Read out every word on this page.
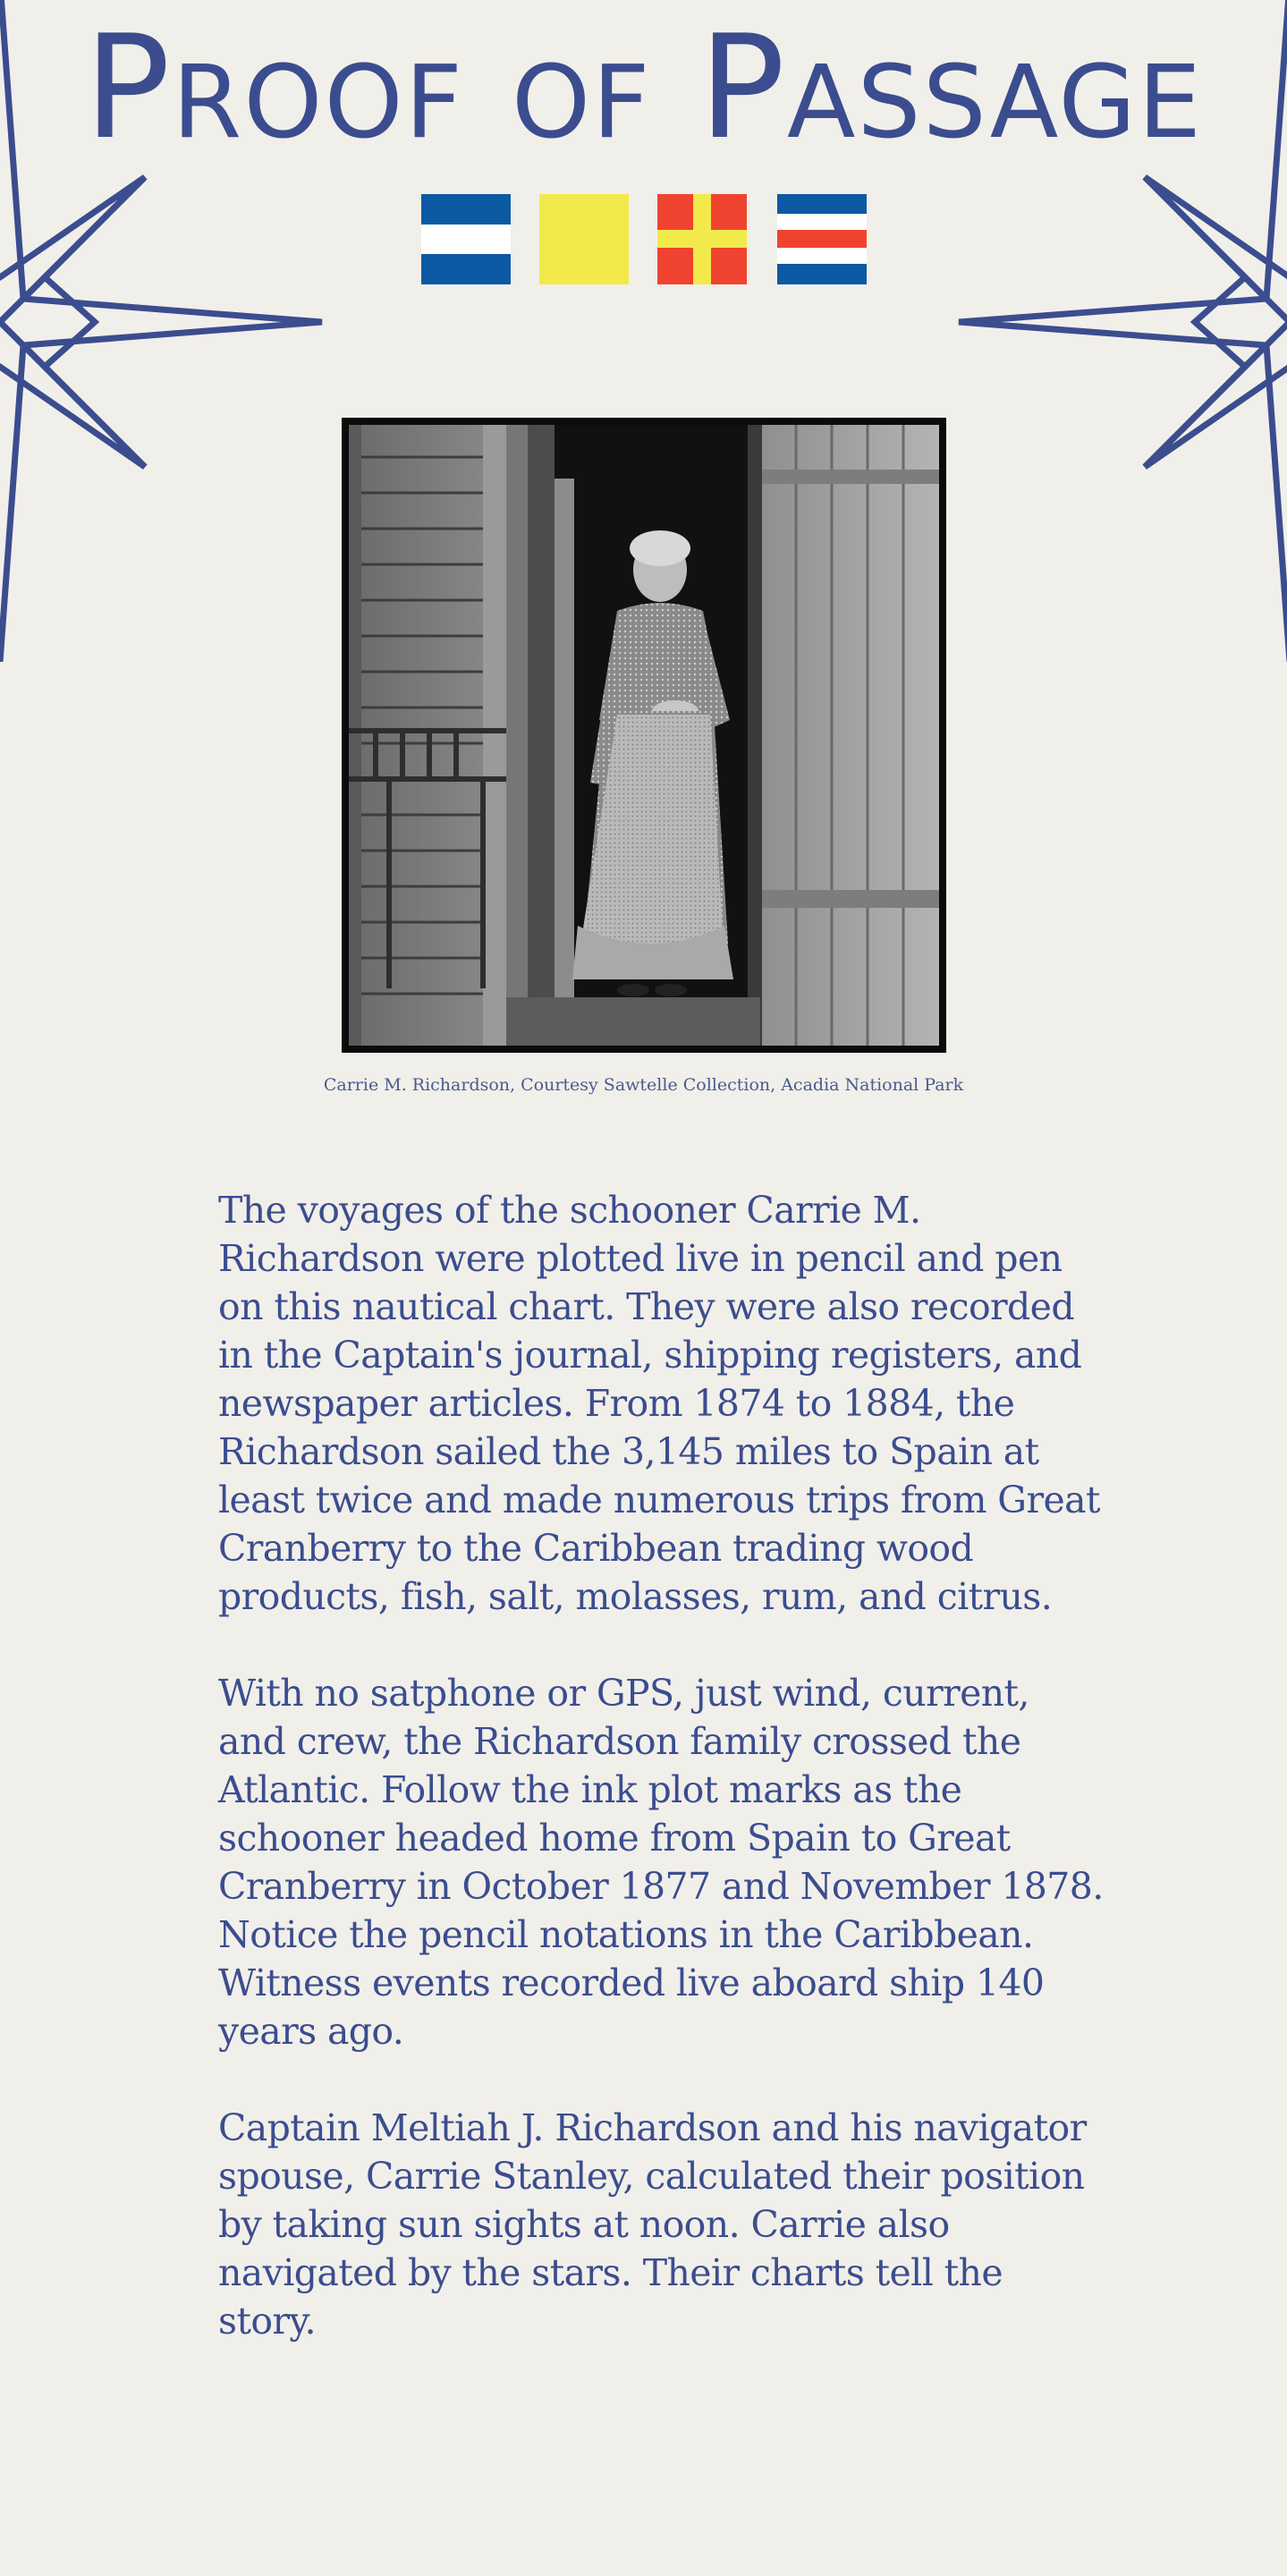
Proof of Passage

Carrie M. Richardson, Courtesy Sawtelle Collection, Acadia National Park

The voyages of the schooner Carrie M. Richardson were plotted live in pencil and pen on this nautical chart. They were also recorded in the Captain's journal, shipping registers, and newspaper articles. From 1874 to 1884, the Richardson sailed the 3,145 miles to Spain at least twice and made numerous trips from Great Cranberry to the Caribbean trading wood products, fish, salt, molasses, rum, and citrus.

With no satphone or GPS, just wind, current, and crew, the Richardson family crossed the Atlantic. Follow the ink plot marks as the schooner headed home from Spain to Great Cranberry in October 1877 and November 1878. Notice the pencil notations in the Caribbean. Witness events recorded live aboard ship 140 years ago.

Captain Meltiah J. Richardson and his navigator spouse, Carrie Stanley, calculated their position by taking sun sights at noon. Carrie also navigated by the stars. Their charts tell the story.
